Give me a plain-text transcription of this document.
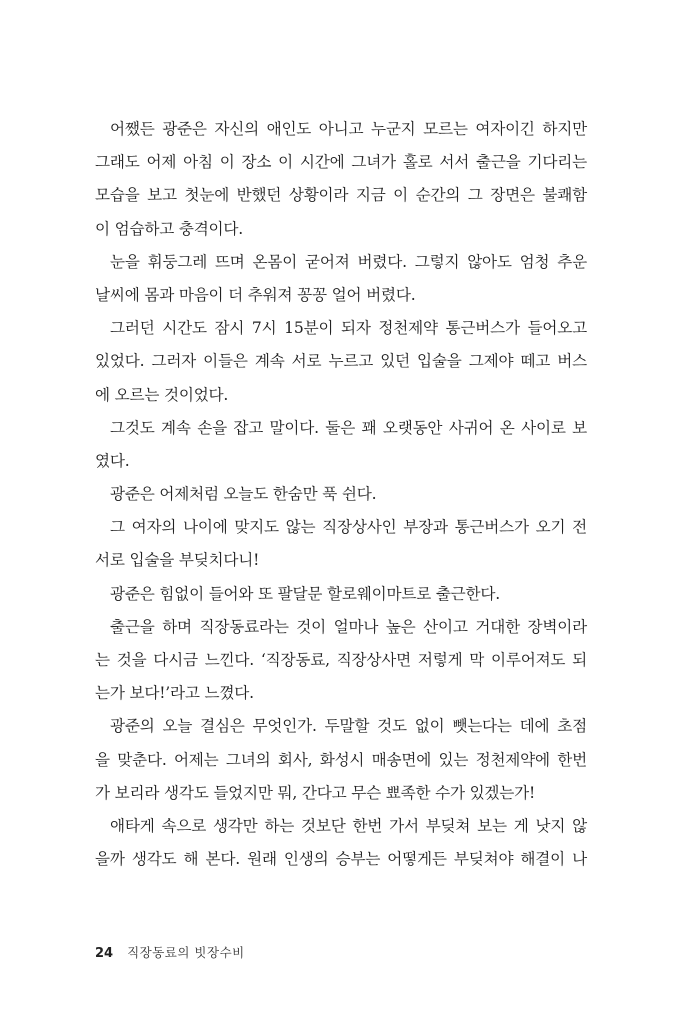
어쨌든 광준은 자신의 애인도 아니고 누군지 모르는 여자이긴 하지만
그래도 어제 아침 이 장소 이 시간에 그녀가 홀로 서서 출근을 기다리는
모습을 보고 첫눈에 반했던 상황이라 지금 이 순간의 그 장면은 불쾌함
이 엄습하고 충격이다.
눈을 휘둥그레 뜨며 온몸이 굳어져 버렸다. 그렇지 않아도 엄청 추운
날씨에 몸과 마음이 더 추워져 꽁꽁 얼어 버렸다.
그러던 시간도 잠시 7시 15분이 되자 정천제약 통근버스가 들어오고
있었다. 그러자 이들은 계속 서로 누르고 있던 입술을 그제야 떼고 버스
에 오르는 것이었다.
그것도 계속 손을 잡고 말이다. 둘은 꽤 오랫동안 사귀어 온 사이로 보
였다.
광준은 어제처럼 오늘도 한숨만 푹 쉰다.
그 여자의 나이에 맞지도 않는 직장상사인 부장과 통근버스가 오기 전
서로 입술을 부딪치다니!
광준은 힘없이 들어와 또 팔달문 할로웨이마트로 출근한다.
출근을 하며 직장동료라는 것이 얼마나 높은 산이고 거대한 장벽이라
는 것을 다시금 느낀다. ‘직장동료, 직장상사면 저렇게 막 이루어져도 되
는가 보다!’라고 느꼈다.
광준의 오늘 결심은 무엇인가. 두말할 것도 없이 뺏는다는 데에 초점
을 맞춘다. 어제는 그녀의 회사, 화성시 매송면에 있는 정천제약에 한번
가 보리라 생각도 들었지만 뭐, 간다고 무슨 뾰족한 수가 있겠는가!
애타게 속으로 생각만 하는 것보단 한번 가서 부딪쳐 보는 게 낫지 않
을까 생각도 해 본다. 원래 인생의 승부는 어떻게든 부딪쳐야 해결이 나
24 직장동료의 빗장수비
